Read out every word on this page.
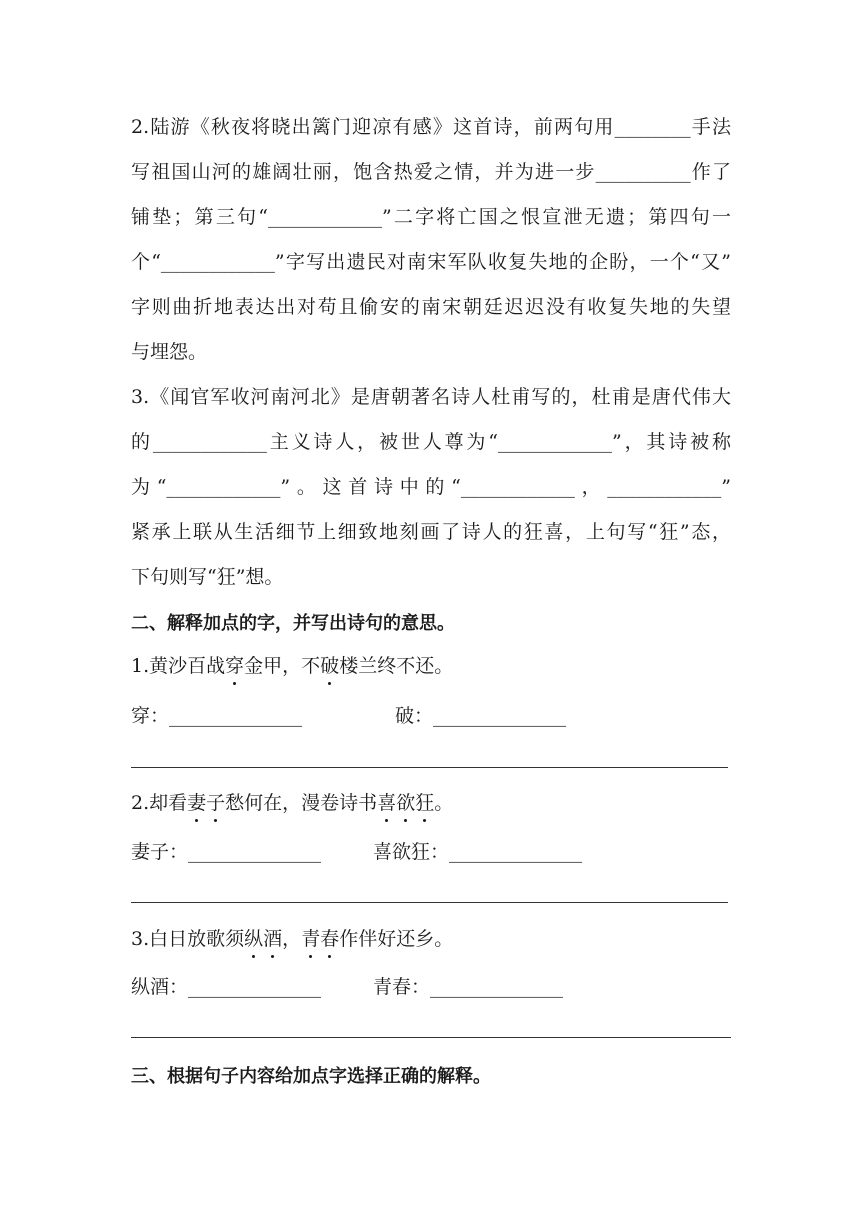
2.陆游《秋夜将晓出篱门迎凉有感》这首诗，前两句用________手法
写祖国山河的雄阔壮丽，饱含热爱之情，并为进一步__________作了
铺垫；第三句“____________”二字将亡国之恨宣泄无遗；第四句一
个“____________”字写出遗民对南宋军队收复失地的企盼，一个“又”
字则曲折地表达出对苟且偷安的南宋朝廷迟迟没有收复失地的失望
与埋怨。
3.《闻官军收河南河北》是唐朝著名诗人杜甫写的，杜甫是唐代伟大
的____________主义诗人，被世人尊为“____________”，其诗被称
为“____________”。这首诗中的“____________，____________”
紧承上联从生活细节上细致地刻画了诗人的狂喜，上句写“狂”态，
下句则写“狂”想。
二、解释加点的字，并写出诗句的意思。
1.黄沙百战穿金甲，不破楼兰终不还。
穿：______________	破：______________
2.却看妻子愁何在，漫卷诗书喜欲狂。
妻子：______________	喜欲狂：______________
3.白日放歌须纵酒，青春作伴好还乡。
纵酒：______________	青春：______________
三、根据句子内容给加点字选择正确的解释。
